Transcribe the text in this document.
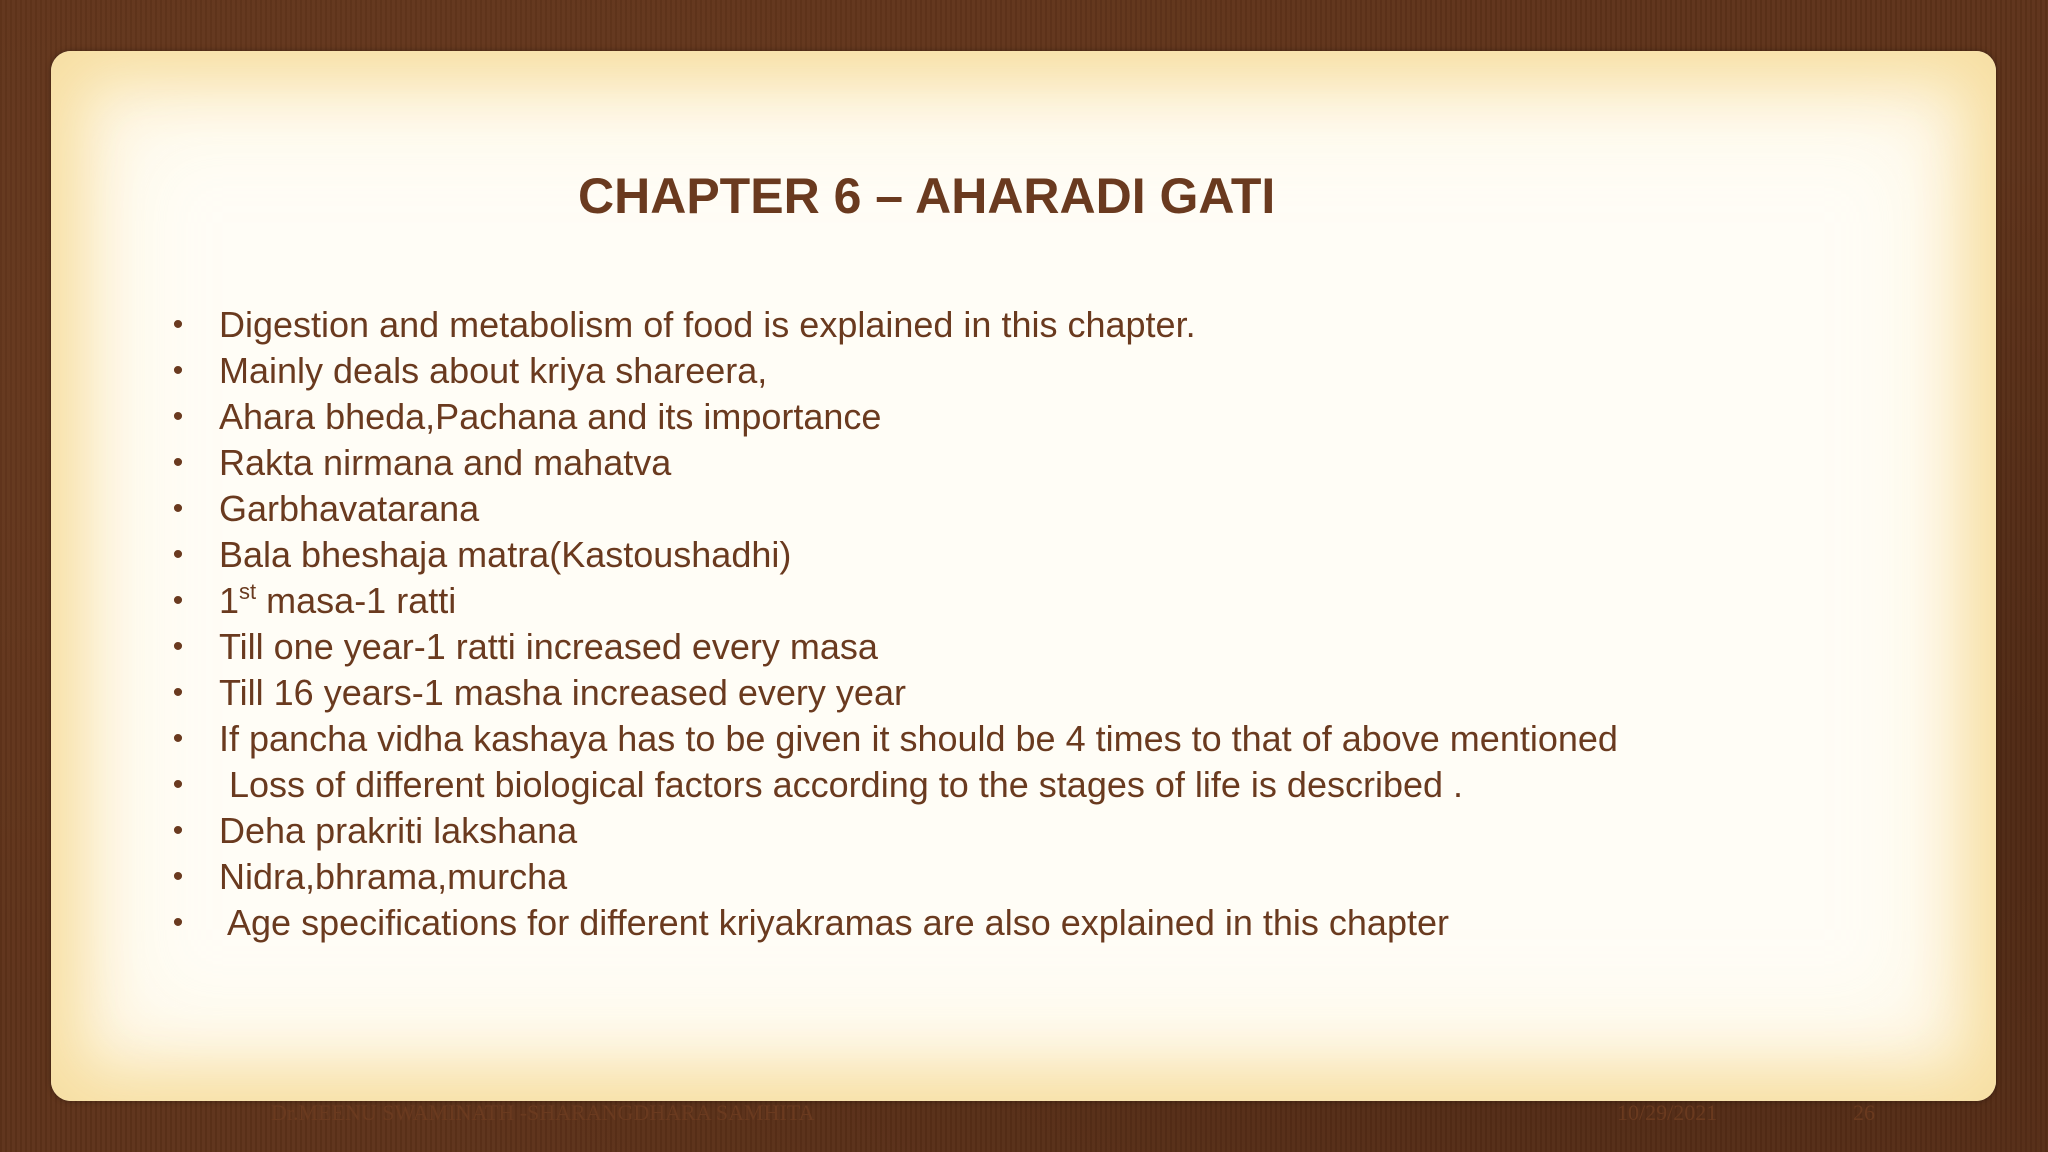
CHAPTER 6 – AHARADI GATI
• Digestion and metabolism of food is explained in this chapter.
• Mainly deals about kriya shareera,
• Ahara bheda,Pachana and its importance
• Rakta nirmana and mahatva
• Garbhavatarana
• Bala bheshaja matra(Kastoushadhi)
• 1st masa-1 ratti
• Till one year-1 ratti increased every masa
• Till 16 years-1 masha increased every year
• If pancha vidha kashaya has to be given it should be 4 times to that of above mentioned
• Loss of different biological factors according to the stages of life is described .
• Deha prakriti lakshana
• Nidra,bhrama,murcha
• Age specifications for different kriyakramas are also explained in this chapter
Dr.MEENU SWAMINATH -SHARANGDHARA SAMHITA	10/29/2021	26
